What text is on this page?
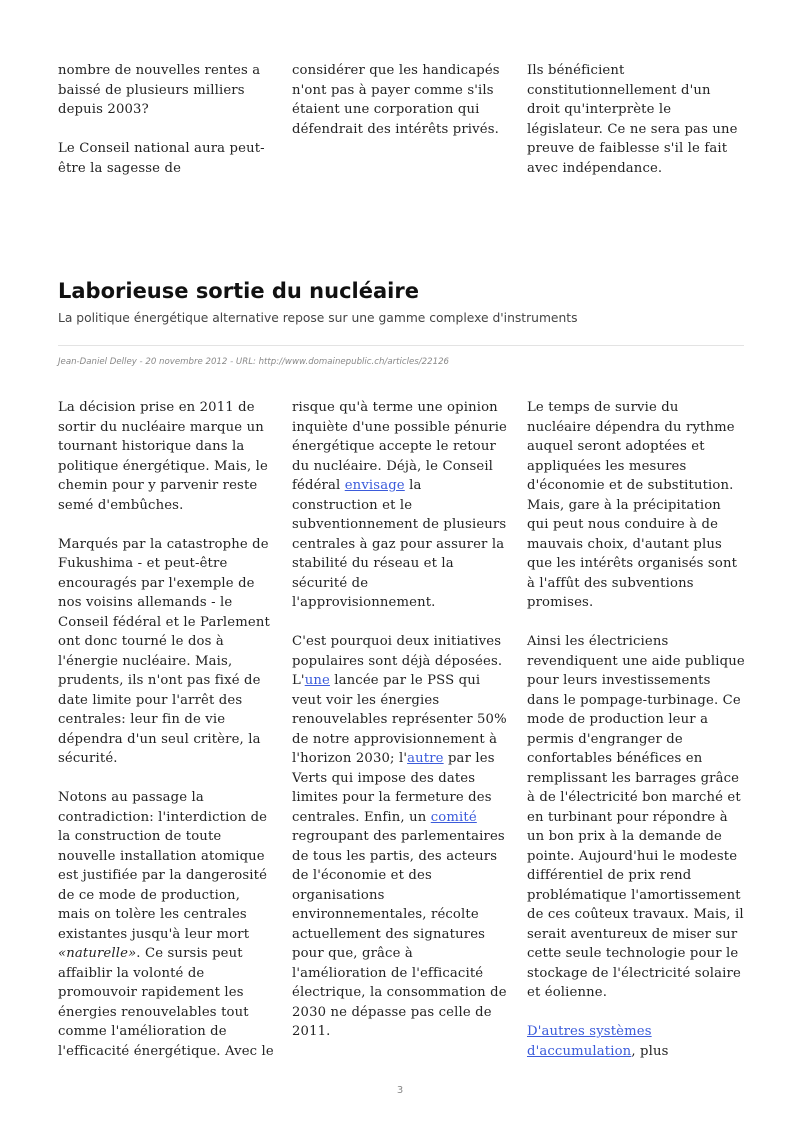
nombre de nouvelles rentes a baissé de plusieurs milliers depuis 2003?

Le Conseil national aura peut-être la sagesse de

considérer que les handicapés n'ont pas à payer comme s'ils étaient une corporation qui défendrait des intérêts privés.

Ils bénéficient constitutionnellement d'un droit qu'interprète le législateur. Ce ne sera pas une preuve de faiblesse s'il le fait avec indépendance.

Laborieuse sortie du nucléaire

La politique énergétique alternative repose sur une gamme complexe d'instruments

Jean-Daniel Delley - 20 novembre 2012 - URL: http://www.domainepublic.ch/articles/22126

La décision prise en 2011 de sortir du nucléaire marque un tournant historique dans la politique énergétique. Mais, le chemin pour y parvenir reste semé d'embûches.

Marqués par la catastrophe de Fukushima - et peut-être encouragés par l'exemple de nos voisins allemands - le Conseil fédéral et le Parlement ont donc tourné le dos à l'énergie nucléaire. Mais, prudents, ils n'ont pas fixé de date limite pour l'arrêt des centrales: leur fin de vie dépendra d'un seul critère, la sécurité.

Notons au passage la contradiction: l'interdiction de la construction de toute nouvelle installation atomique est justifiée par la dangerosité de ce mode de production, mais on tolère les centrales existantes jusqu'à leur mort «naturelle». Ce sursis peut affaiblir la volonté de promouvoir rapidement les énergies renouvelables tout comme l'amélioration de l'efficacité énergétique. Avec le

risque qu'à terme une opinion inquiète d'une possible pénurie énergétique accepte le retour du nucléaire. Déjà, le Conseil fédéral envisage la construction et le subventionnement de plusieurs centrales à gaz pour assurer la stabilité du réseau et la sécurité de l'approvisionnement.

C'est pourquoi deux initiatives populaires sont déjà déposées. L'une lancée par le PSS qui veut voir les énergies renouvelables représenter 50% de notre approvisionnement à l'horizon 2030; l'autre par les Verts qui impose des dates limites pour la fermeture des centrales. Enfin, un comité regroupant des parlementaires de tous les partis, des acteurs de l'économie et des organisations environnementales, récolte actuellement des signatures pour que, grâce à l'amélioration de l'efficacité électrique, la consommation de 2030 ne dépasse pas celle de 2011.

Le temps de survie du nucléaire dépendra du rythme auquel seront adoptées et appliquées les mesures d'économie et de substitution. Mais, gare à la précipitation qui peut nous conduire à de mauvais choix, d'autant plus que les intérêts organisés sont à l'affût des subventions promises.

Ainsi les électriciens revendiquent une aide publique pour leurs investissements dans le pompage-turbinage. Ce mode de production leur a permis d'engranger de confortables bénéfices en remplissant les barrages grâce à de l'électricité bon marché et en turbinant pour répondre à un bon prix à la demande de pointe. Aujourd'hui le modeste différentiel de prix rend problématique l'amortissement de ces coûteux travaux. Mais, il serait aventureux de miser sur cette seule technologie pour le stockage de l'électricité solaire et éolienne.

D'autres systèmes d'accumulation, plus

3
